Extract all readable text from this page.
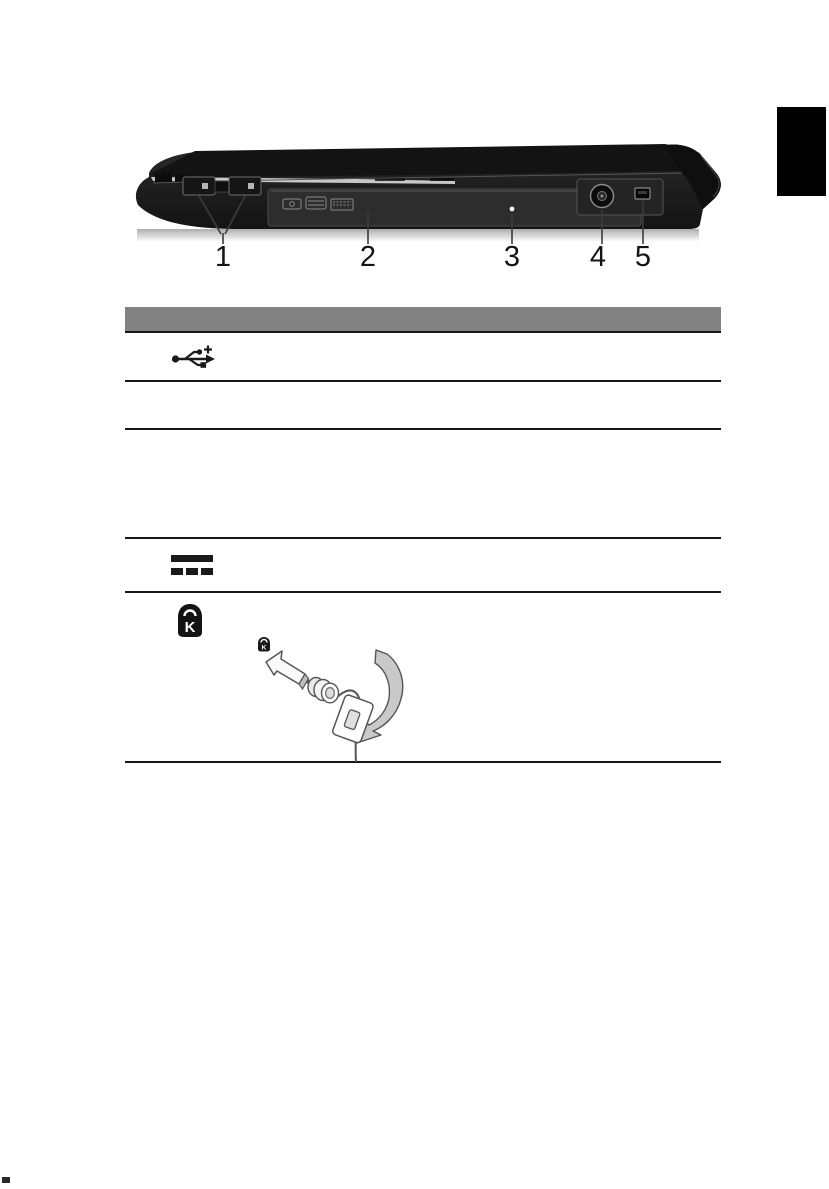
1	2	3	4 5
K
K
